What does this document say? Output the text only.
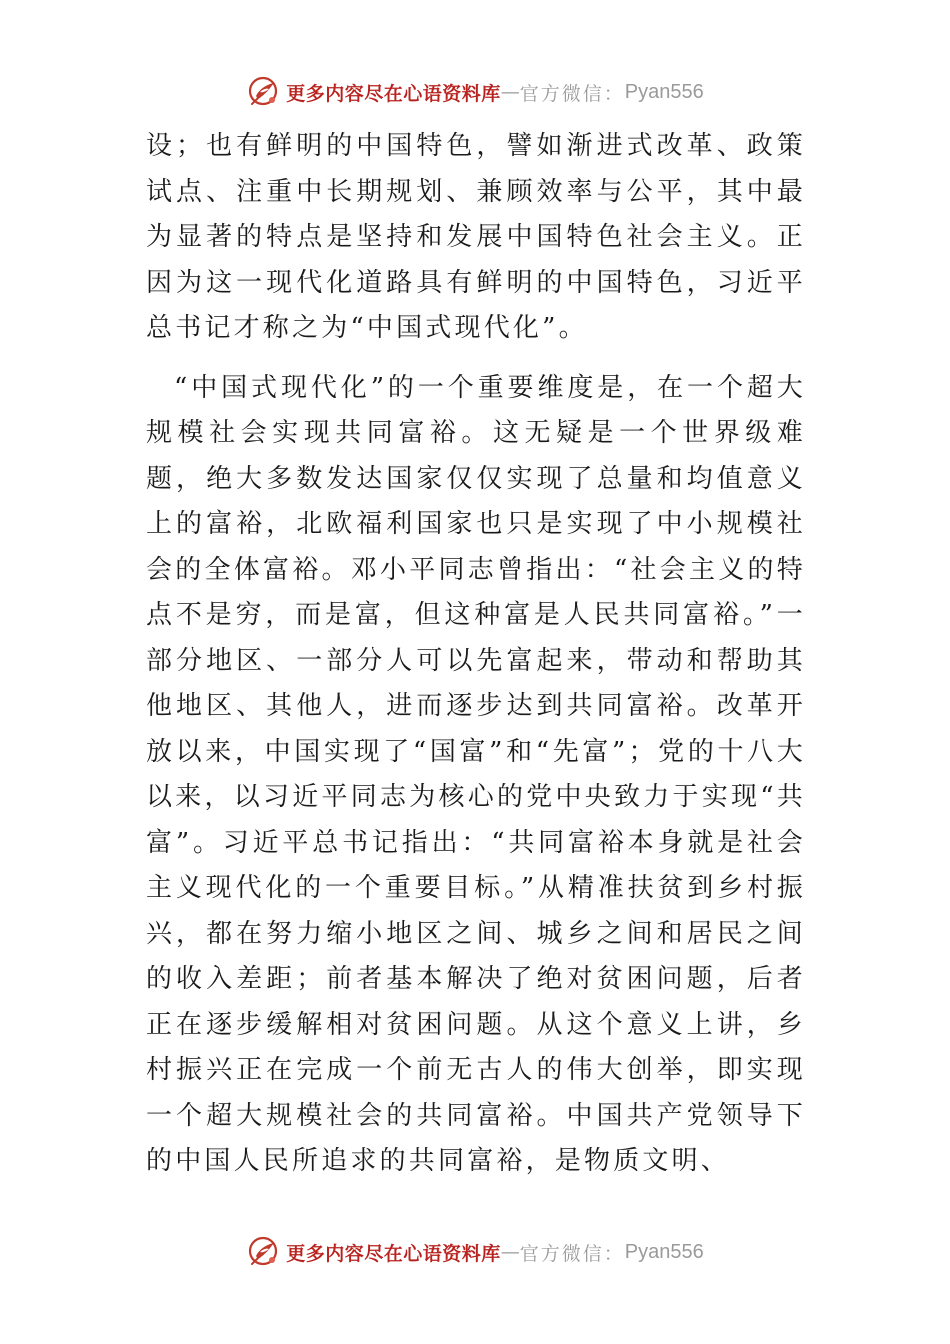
更多内容尽在心语资料库 — 官方微信： Pyan556

设；也有鲜明的中国特色，譬如渐进式改革、政策试点、注重中长期规划、兼顾效率与公平，其中最为显著的特点是坚持和发展中国特色社会主义。正因为这一现代化道路具有鲜明的中国特色，习近平总书记才称之为“中国式现代化”。

“中国式现代化”的一个重要维度是，在一个超大规模社会实现共同富裕。这无疑是一个世界级难题，绝大多数发达国家仅仅实现了总量和均值意义上的富裕，北欧福利国家也只是实现了中小规模社会的全体富裕。邓小平同志曾指出：“社会主义的特点不是穷，而是富，但这种富是人民共同富裕。”一部分地区、一部分人可以先富起来，带动和帮助其他地区、其他人，进而逐步达到共同富裕。改革开放以来，中国实现了“国富”和“先富”；党的十八大以来，以习近平同志为核心的党中央致力于实现“共富”。习近平总书记指出：“共同富裕本身就是社会主义现代化的一个重要目标。”从精准扶贫到乡村振兴，都在努力缩小地区之间、城乡之间和居民之间的收入差距；前者基本解决了绝对贫困问题，后者正在逐步缓解相对贫困问题。从这个意义上讲，乡村振兴正在完成一个前无古人的伟大创举，即实现一个超大规模社会的共同富裕。中国共产党领导下的中国人民所追求的共同富裕，是物质文明、

更多内容尽在心语资料库 — 官方微信： Pyan556
